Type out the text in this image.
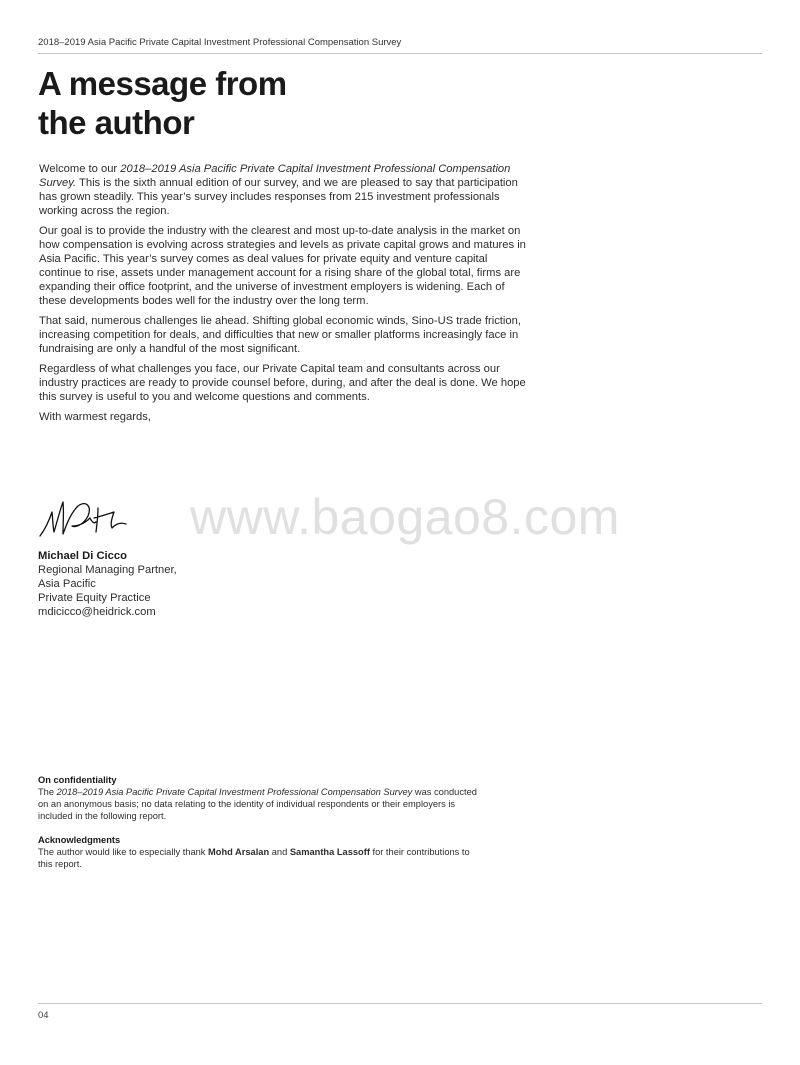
2018–2019 Asia Pacific Private Capital Investment Professional Compensation Survey
A message from
the author

Welcome to our 2018–2019 Asia Pacific Private Capital Investment Professional Compensation Survey. This is the sixth annual edition of our survey, and we are pleased to say that participation has grown steadily. This year’s survey includes responses from 215 investment professionals working across the region.

Our goal is to provide the industry with the clearest and most up-to-date analysis in the market on how compensation is evolving across strategies and levels as private capital grows and matures in Asia Pacific. This year’s survey comes as deal values for private equity and venture capital continue to rise, assets under management account for a rising share of the global total, firms are expanding their office footprint, and the universe of investment employers is widening. Each of these developments bodes well for the industry over the long term.

That said, numerous challenges lie ahead. Shifting global economic winds, Sino-US trade friction, increasing competition for deals, and difficulties that new or smaller platforms increasingly face in fundraising are only a handful of the most significant.

Regardless of what challenges you face, our Private Capital team and consultants across our industry practices are ready to provide counsel before, during, and after the deal is done. We hope this survey is useful to you and welcome questions and comments.

With warmest regards,

www.baogao8.com
Michael Di Cicco
Regional Managing Partner,
Asia Pacific
Private Equity Practice
mdicicco@heidrick.com
On confidentiality
The 2018–2019 Asia Pacific Private Capital Investment Professional Compensation Survey was conducted on an anonymous basis; no data relating to the identity of individual respondents or their employers is included in the following report.
Acknowledgments
The author would like to especially thank Mohd Arsalan and Samantha Lassoff for their contributions to this report.
04
